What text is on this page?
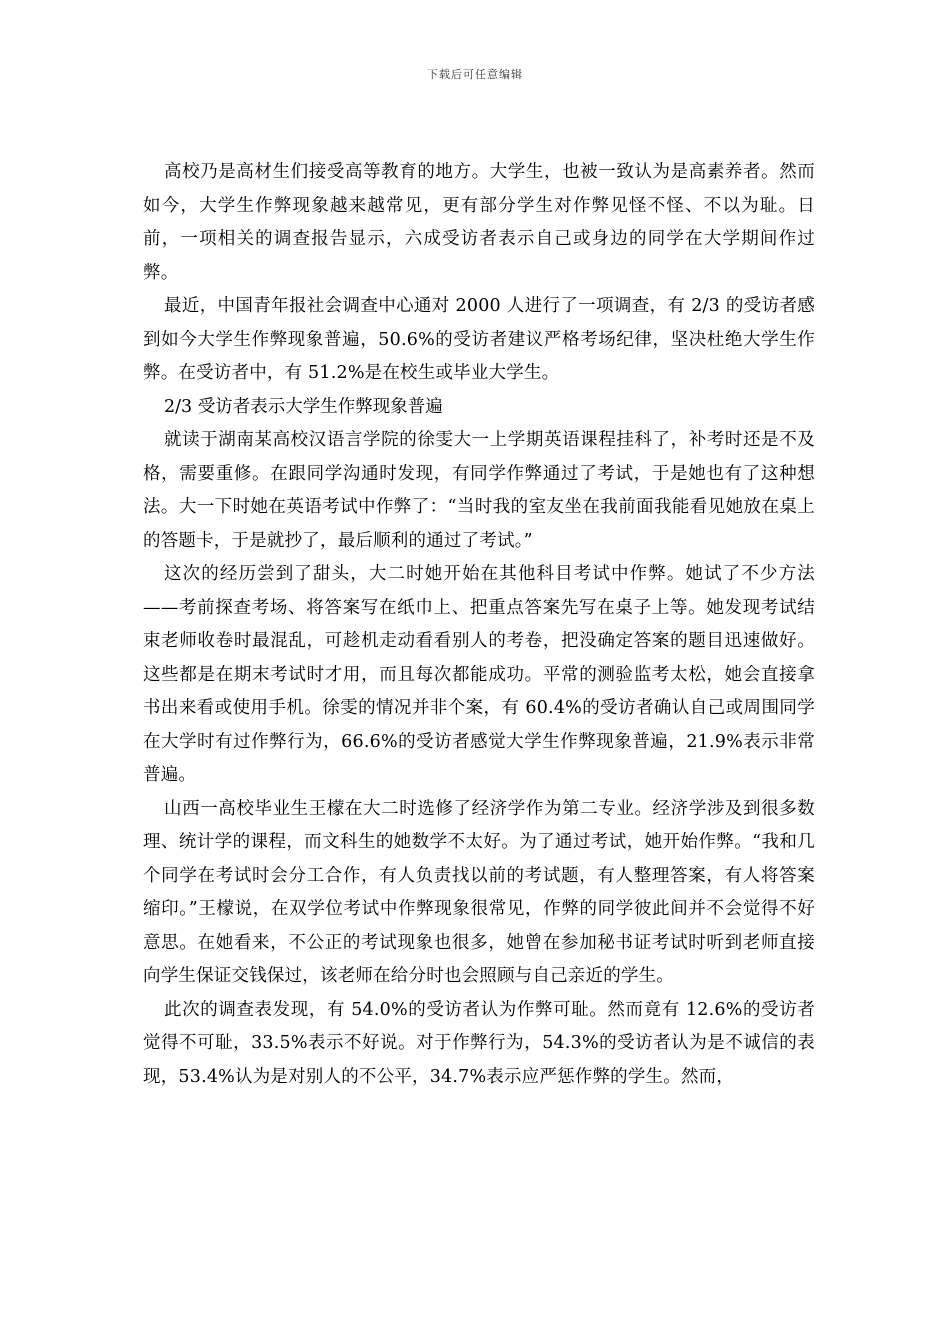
下载后可任意编辑

高校乃是高材生们接受高等教育的地方。大学生，也被一致认为是高素养者。然而如今，大学生作弊现象越来越常见，更有部分学生对作弊见怪不怪、不以为耻。日前，一项相关的调查报告显示，六成受访者表示自己或身边的同学在大学期间作过弊。

最近，中国青年报社会调查中心通对 2000 人进行了一项调查，有 2/3 的受访者感到如今大学生作弊现象普遍，50.6%的受访者建议严格考场纪律，坚决杜绝大学生作弊。在受访者中，有 51.2%是在校生或毕业大学生。

2/3 受访者表示大学生作弊现象普遍

就读于湖南某高校汉语言学院的徐雯大一上学期英语课程挂科了，补考时还是不及格，需要重修。在跟同学沟通时发现，有同学作弊通过了考试，于是她也有了这种想法。大一下时她在英语考试中作弊了：“当时我的室友坐在我前面我能看见她放在桌上的答题卡，于是就抄了，最后顺利的通过了考试。”

这次的经历尝到了甜头，大二时她开始在其他科目考试中作弊。她试了不少方法——考前探查考场、将答案写在纸巾上、把重点答案先写在桌子上等。她发现考试结束老师收卷时最混乱，可趁机走动看看别人的考卷，把没确定答案的题目迅速做好。这些都是在期末考试时才用，而且每次都能成功。平常的测验监考太松，她会直接拿书出来看或使用手机。徐雯的情况并非个案，有 60.4%的受访者确认自己或周围同学在大学时有过作弊行为，66.6%的受访者感觉大学生作弊现象普遍，21.9%表示非常普遍。

山西一高校毕业生王檬在大二时选修了经济学作为第二专业。经济学涉及到很多数理、统计学的课程，而文科生的她数学不太好。为了通过考试，她开始作弊。“我和几个同学在考试时会分工合作，有人负责找以前的考试题，有人整理答案，有人将答案缩印。”王檬说，在双学位考试中作弊现象很常见，作弊的同学彼此间并不会觉得不好意思。在她看来，不公正的考试现象也很多，她曾在参加秘书证考试时听到老师直接向学生保证交钱保过，该老师在给分时也会照顾与自己亲近的学生。

此次的调查表发现，有 54.0%的受访者认为作弊可耻。然而竟有 12.6%的受访者觉得不可耻，33.5%表示不好说。对于作弊行为，54.3%的受访者认为是不诚信的表现，53.4%认为是对别人的不公平，34.7%表示应严惩作弊的学生。然而，
